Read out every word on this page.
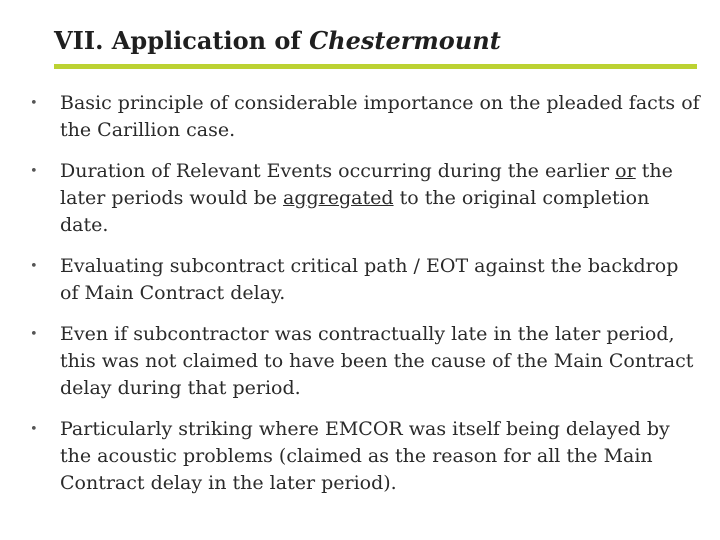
VII. Application of Chestermount
•	Basic principle of considerable importance on the pleaded facts of the Carillion case.
•	Duration of Relevant Events occurring during the earlier or the later periods would be aggregated to the original completion date.
•	Evaluating subcontract critical path / EOT against the backdrop of Main Contract delay.
•	Even if subcontractor was contractually late in the later period, this was not claimed to have been the cause of the Main Contract delay during that period.
•	Particularly striking where EMCOR was itself being delayed by the acoustic problems (claimed as the reason for all the Main Contract delay in the later period).
